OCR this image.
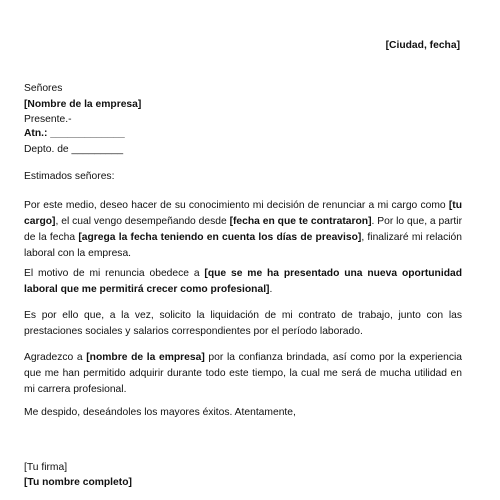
[Ciudad, fecha]
Señores
[Nombre de la empresa]
Presente.-
Atn.: _____________
Depto. de _________
Estimados señores:
Por este medio, deseo hacer de su conocimiento mi decisión de renunciar a mi cargo como [tu cargo], el cual vengo desempeñando desde [fecha en que te contrataron]. Por lo que, a partir de la fecha [agrega la fecha teniendo en cuenta los días de preaviso], finalizaré mi relación laboral con la empresa.
El motivo de mi renuncia obedece a [que se me ha presentado una nueva oportunidad laboral que me permitirá crecer como profesional].
Es por ello que, a la vez, solicito la liquidación de mi contrato de trabajo, junto con las prestaciones sociales y salarios correspondientes por el período laborado.
Agradezco a [nombre de la empresa] por la confianza brindada, así como por la experiencia que me han permitido adquirir durante todo este tiempo, la cual me será de mucha utilidad en mi carrera profesional.
Me despido, deseándoles los mayores éxitos. Atentamente,
[Tu firma]
[Tu nombre completo]
